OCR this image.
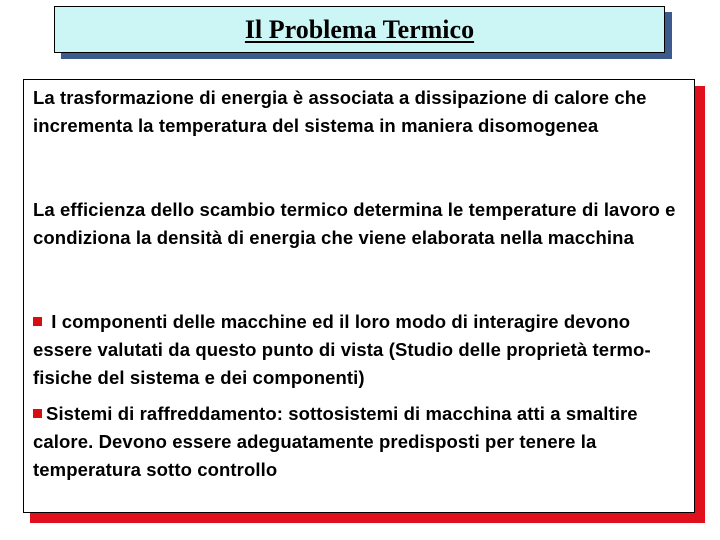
Il Problema Termico

La trasformazione di energia è associata a dissipazione di calore che incrementa la temperatura del sistema in maniera disomogenea

La efficienza dello scambio termico determina le temperature di lavoro e condiziona la densità di energia che viene elaborata nella macchina

I componenti delle macchine ed il loro modo di interagire devono essere valutati da questo punto di vista (Studio delle proprietà termo-fisiche del sistema e dei componenti)

Sistemi di raffreddamento: sottosistemi di macchina atti a smaltire calore. Devono essere adeguatamente predisposti per tenere la temperatura sotto controllo
